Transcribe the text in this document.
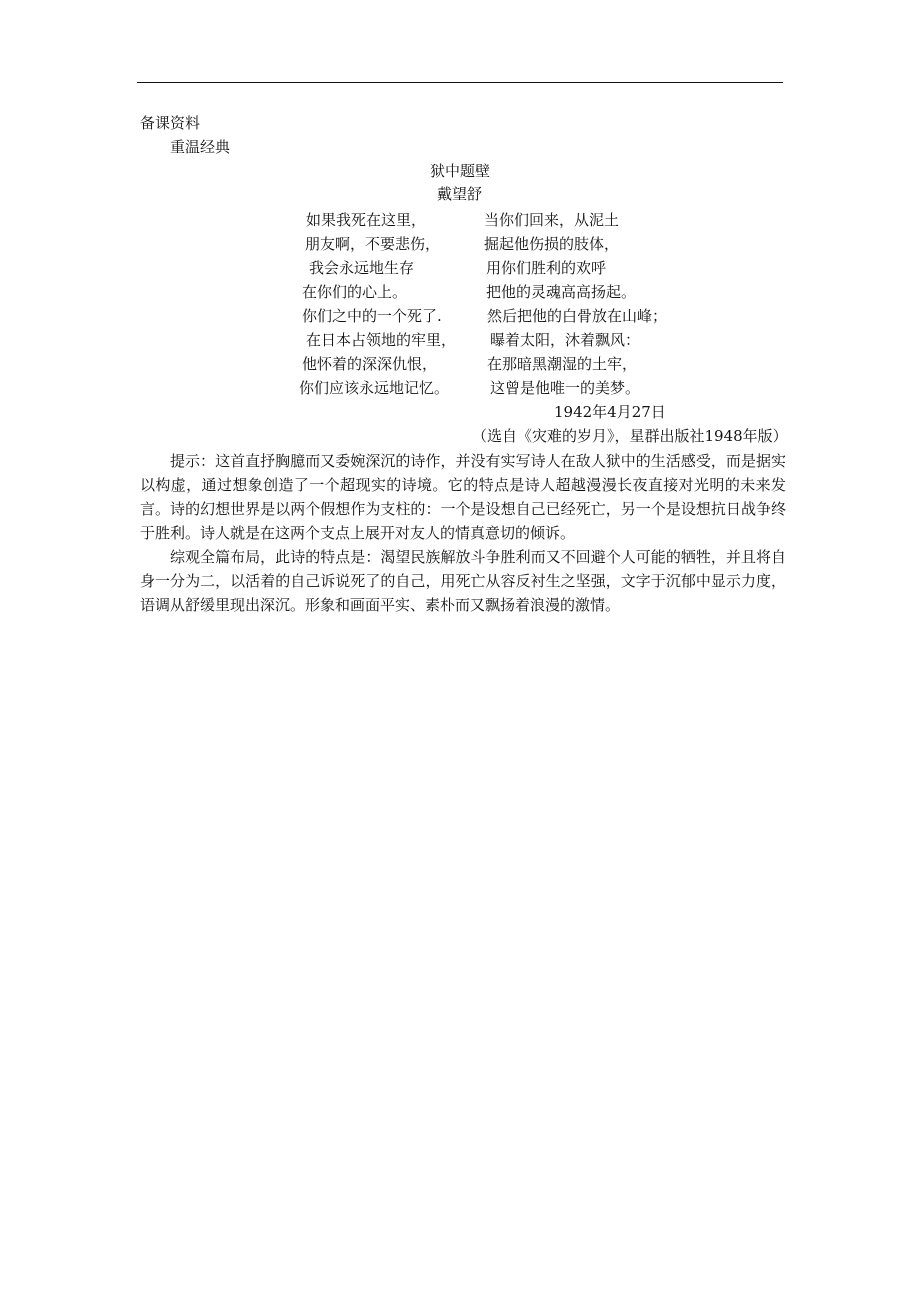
备课资料
重温经典
狱中题壁
戴望舒
如果我死在这里，
朋友啊，不要悲伤，
我会永远地生存
在你们的心上。
你们之中的一个死了.
在日本占领地的牢里，
他怀着的深深仇恨，
你们应该永远地记忆。
当你们回来，从泥土
掘起他伤损的肢体，
用你们胜利的欢呼
把他的灵魂高高扬起。
然后把他的白骨放在山峰；
曝着太阳，沐着飘风：
在那暗黑潮湿的土牢，
这曾是他唯一的美梦。
1942年4月27日
（选自《灾难的岁月》，星群出版社1948年版）
提示：这首直抒胸臆而又委婉深沉的诗作，并没有实写诗人在敌人狱中的生活感受，而是据实以构虚，通过想象创造了一个超现实的诗境。它的特点是诗人超越漫漫长夜直接对光明的未来发言。诗的幻想世界是以两个假想作为支柱的：一个是设想自己已经死亡，另一个是设想抗日战争终于胜利。诗人就是在这两个支点上展开对友人的情真意切的倾诉。
综观全篇布局，此诗的特点是：渴望民族解放斗争胜利而又不回避个人可能的牺牲，并且将自身一分为二，以活着的自己诉说死了的自己，用死亡从容反衬生之坚强，文字于沉郁中显示力度，语调从舒缓里现出深沉。形象和画面平实、素朴而又飘扬着浪漫的激情。
